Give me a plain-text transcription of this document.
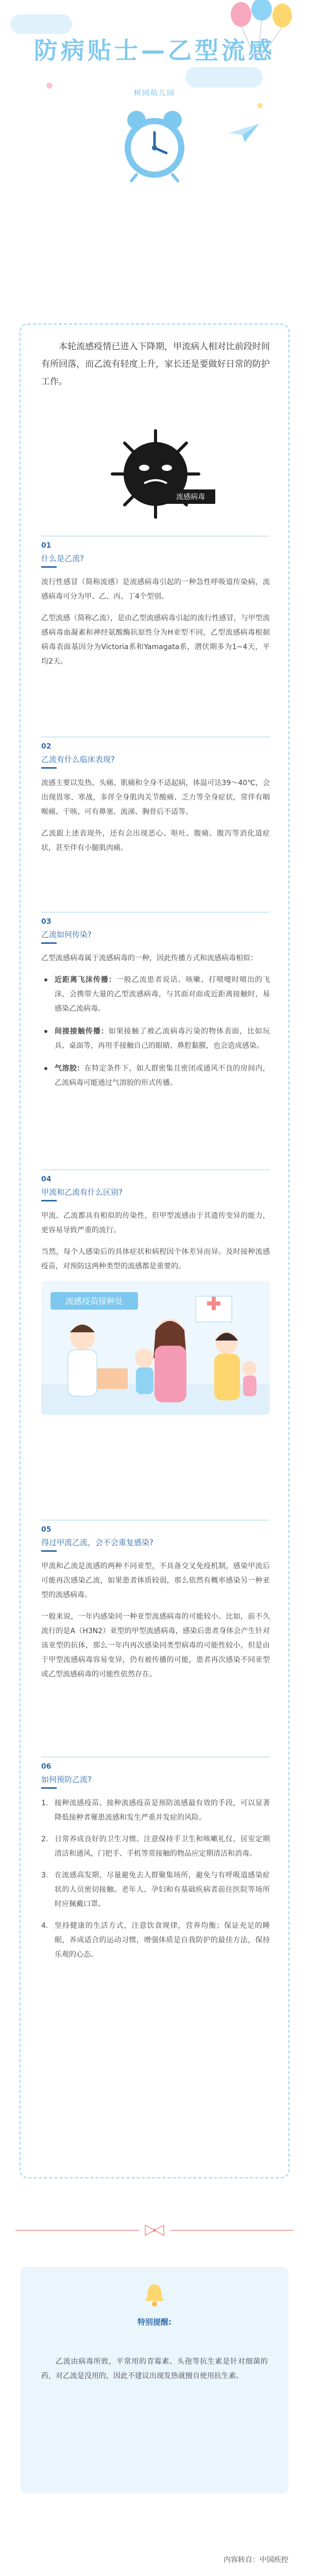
防病贴士—乙型流感
树园幼儿园
本轮流感疫情已进入下降期，甲流病人相对比前段时间有所回落，而乙流有轻度上升，家长还是要做好日常的防护工作。
流感病毒
01
什么是乙流?
流行性感冒（简称流感）是流感病毒引起的一种急性呼吸道传染病，流感病毒可分为甲、乙、丙、丁4个型别。
乙型流感（简称乙流），是由乙型流感病毒引起的流行性感冒，与甲型流感病毒血凝素和神经氨酸酶抗原性分为H亚型不同，乙型流感病毒根据病毒表面基因分为Victoria系和Yamagata系，潜伏期多为1~4天，平均2天。
02
乙流有什么临床表现?
流感主要以发热、头痛、肌痛和全身不适起病，体温可达39～40℃，会出现畏寒、寒战，多伴全身肌肉关节酸痛、乏力等全身症状，常伴有咽喉痛、干咳、可有鼻塞、流涕、胸骨后不适等。
乙流跟上述表现外，还有会出现恶心、呕吐、腹痛、腹泻等消化道症状，甚至伴有小腿肌肉痛。
03
乙流如何传染?
乙型流感病毒属于流感病毒的一种，因此传播方式和流感病毒相似：
近距离飞沫传播：一般乙流患者说话、咳嗽、打喷嚏时喷出的飞沫，会携带大量的乙型流感病毒，与其面对面或近距离接触时，易感染乙流病毒。
间接接触传播：如果接触了被乙流病毒污染的物体表面，比如玩具、桌面等，再用手接触自己的眼睛、鼻腔黏膜，也会造成感染。
气溶胶：在特定条件下，如人群密集且密闭或通风不良的房间内，乙流病毒可能通过气溶胶的形式传播。
04
甲流和乙流有什么区别?
甲流、乙流都具有相似的传染性，但甲型流感由于其遗传变异的能力，更容易导致严重的流行。
当然，每个人感染后的具体症状和病程因个体差异而异。及时接种流感疫苗，对预防这两种类型的流感都是重要的。
流感疫苗接种处
05
得过甲流乙流，会不会重复感染?
甲流和乙流是流感的两种不同亚型，不具备交叉免疫机制，感染甲流后可能再次感染乙流，如果患者体质较弱，那么依然有概率感染另一种亚型的流感病毒。
一般来说，一年内感染同一种亚型流感病毒的可能较小。比如，前不久流行的是A（H3N2）亚型的甲型流感病毒，感染后患者身体会产生针对该亚型的抗体，那么一年内再次感染同类型病毒的可能性较小，但是由于甲型流感病毒容易变异，仍有被传播的可能，患者再次感染不同亚型或乙型流感病毒的可能性依然存在。
06
如何预防乙流?
1. 接种流感疫苗。接种流感疫苗是预防流感最有效的手段，可以显著降低接种者罹患流感和发生严重并发症的风险。
2. 日常养成良好的卫生习惯。注意保持手卫生和咳嗽礼仪，居室定期清洁和通风，门把手、手机等常接触的物品应定期清洁和消毒。
3. 在流感高发期，尽量避免去人群聚集场所，避免与有呼吸道感染症状的人员密切接触。老年人、孕妇和有基础疾病者前往医院等场所时应佩戴口罩。
4. 坚持健康的生活方式，注意饮食规律，营养均衡；保证充足的睡眠，养成适合的运动习惯，增强体质是自我防护的最佳方法，保持乐观的心态。
特别提醒:
乙流由病毒所致，平常用的青霉素、头孢等抗生素是针对细菌的药，对乙流是没用的，因此不建议出现发热就擅自使用抗生素。
内容转自：中国疾控
